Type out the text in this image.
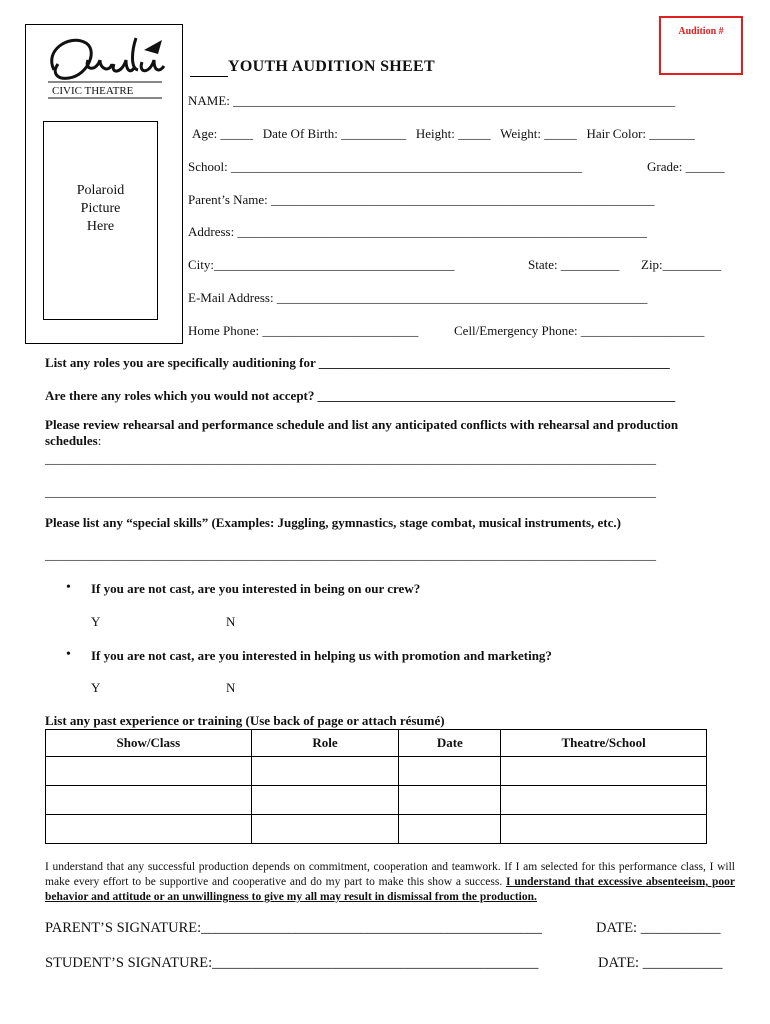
Audition #
CIVIC THEATRE
Polaroid
Picture
Here
YOUTH AUDITION SHEET
NAME: ____________________________________________________________________
Age: _____   Date Of Birth: __________   Height: _____   Weight: _____   Hair Color: _______
School: ______________________________________________________	Grade: ______
Parent’s Name: ___________________________________________________________
Address: _______________________________________________________________
City:_____________________________________	State: _________ Zip:_________
E-Mail Address: _________________________________________________________
Home Phone: ________________________	Cell/Emergency Phone: ___________________
List any roles you are specifically auditioning for ______________________________________________________
Are there any roles which you would not accept? _______________________________________________________
Please review rehearsal and performance schedule and list any anticipated conflicts with rehearsal and production
schedules:
______________________________________________________________________________________________
______________________________________________________________________________________________
Please list any “special skills” (Examples: Juggling, gymnastics, stage combat, musical instruments, etc.)
______________________________________________________________________________________________
• If you are not cast, are you interested in being on our crew?
Y	N
• If you are not cast, are you interested in helping us with promotion and marketing?
Y	N
List any past experience or training (Use back of page or attach résumé)
Show/Class	Role	Date	Theatre/School

I understand that any successful production depends on commitment, cooperation and teamwork. If I am selected for this performance class, I will make every effort to be supportive and cooperative and do my part to make this show a success. I understand that excessive absenteeism, poor behavior and attitude or an unwillingness to give my all may result in dismissal from the production.
PARENT’S SIGNATURE:_______________________________________________	DATE: ___________
STUDENT’S SIGNATURE:_____________________________________________	DATE: ___________
